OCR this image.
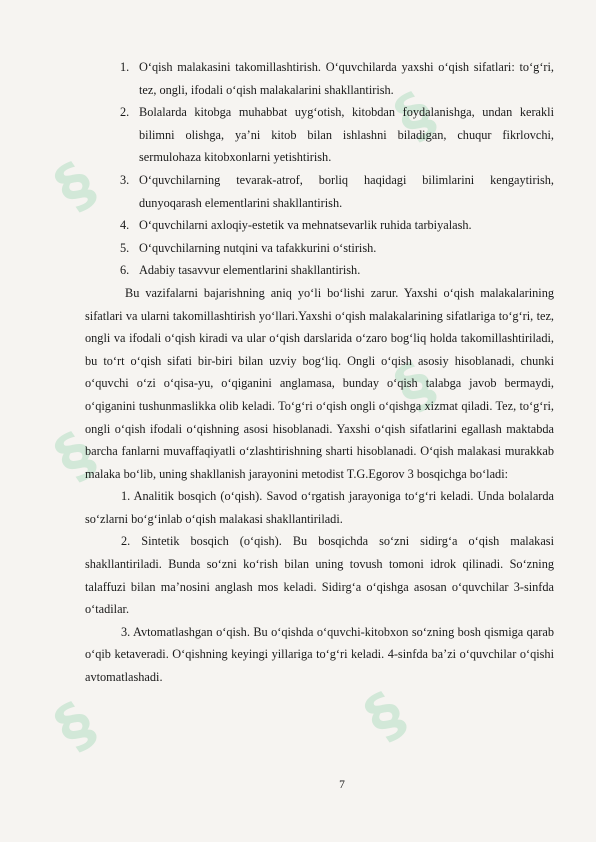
§
§
§
§
§	§
1. O‘qish malakasini takomillashtirish. O‘quvchilarda yaxshi o‘qish sifatlari: to‘g‘ri, tez, ongli, ifodali o‘qish malakalarini shakllantirish.
2. Bolalarda kitobga muhabbat uyg‘otish, kitobdan foydalanishga, undan kerakli bilimni olishga, ya’ni kitob bilan ishlashni biladigan, chuqur fikrlovchi, sermulohaza kitobxonlarni yetishtirish.
3. O‘quvchilarning tevarak-atrof, borliq haqidagi bilimlarini kengaytirish, dunyoqarash elementlarini shakllantirish.
4. O‘quvchilarni axloqiy-estetik va mehnatsevarlik ruhida tarbiyalash.
5. O‘quvchilarning nutqini va tafakkurini o‘stirish.
6. Adabiy tasavvur elementlarini shakllantirish.

Bu vazifalarni bajarishning aniq yo‘li bo‘lishi zarur. Yaxshi o‘qish malakalarining sifatlari va ularni takomillashtirish yo‘llari.Yaxshi o‘qish malakalarining sifatlariga to‘g‘ri, tez, ongli va ifodali o‘qish kiradi va ular o‘qish darslarida o‘zaro bog‘liq holda takomillashtiriladi, bu to‘rt o‘qish sifati bir-biri bilan uzviy bog‘liq. Ongli o‘qish asosiy hisoblanadi, chunki o‘quvchi o‘zi o‘qisa-yu, o‘qiganini anglamasa, bunday o‘qish talabga javob bermaydi, o‘qiganini tushunmaslikka olib keladi. To‘g‘ri o‘qish ongli o‘qishga xizmat qiladi. Tez, to‘g‘ri, ongli o‘qish ifodali o‘qishning asosi hisoblanadi. Yaxshi o‘qish sifatlarini egallash maktabda barcha fanlarni muvaffaqiyatli o‘zlashtirishning sharti hisoblanadi. O‘qish malakasi murakkab malaka bo‘lib, uning shakllanish jarayonini metodist T.G.Egorov 3 bosqichga bo‘ladi:

1. Analitik bosqich (o‘qish). Savod o‘rgatish jarayoniga to‘g‘ri keladi. Unda bolalarda so‘zlarni bo‘g‘inlab o‘qish malakasi shakllantiriladi.

2. Sintetik bosqich (o‘qish). Bu bosqichda so‘zni sidirg‘a o‘qish malakasi shakllantiriladi. Bunda so‘zni ko‘rish bilan uning tovush tomoni idrok qilinadi. So‘zning talaffuzi bilan ma’nosini anglash mos keladi. Sidirg‘a o‘qishga asosan o‘quvchilar 3-sinfda o‘tadilar.

3. Avtomatlashgan o‘qish. Bu o‘qishda o‘quvchi-kitobxon so‘zning bosh qismiga qarab o‘qib ketaveradi. O‘qishning keyingi yillariga to‘g‘ri keladi. 4-sinfda ba’zi o‘quvchilar o‘qishi avtomatlashadi.

7
